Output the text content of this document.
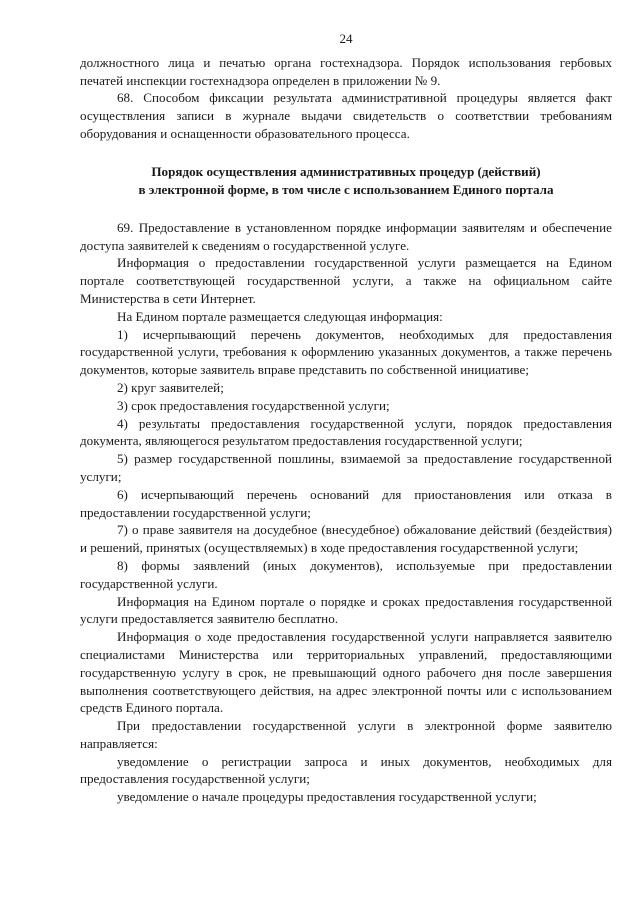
24

должностного лица и печатью органа гостехнадзора. Порядок использования гербовых печатей инспекции гостехнадзора определен в приложении № 9.

68. Способом фиксации результата административной процедуры является факт осуществления записи в журнале выдачи свидетельств о соответствии требованиям оборудования и оснащенности образовательного процесса.

Порядок осуществления административных процедур (действий)
в электронной форме, в том числе с использованием Единого портала

69. Предоставление в установленном порядке информации заявителям и обеспечение доступа заявителей к сведениям о государственной услуге.

Информация о предоставлении государственной услуги размещается на Едином портале соответствующей государственной услуги, а также на официальном сайте Министерства в сети Интернет.

На Едином портале размещается следующая информация:

1) исчерпывающий перечень документов, необходимых для предоставления государственной услуги, требования к оформлению указанных документов, а также перечень документов, которые заявитель вправе представить по собственной инициативе;

2) круг заявителей;

3) срок предоставления государственной услуги;

4) результаты предоставления государственной услуги, порядок предоставления документа, являющегося результатом предоставления государственной услуги;

5) размер государственной пошлины, взимаемой за предоставление государственной услуги;

6) исчерпывающий перечень оснований для приостановления или отказа в предоставлении государственной услуги;

7) о праве заявителя на досудебное (внесудебное) обжалование действий (бездействия) и решений, принятых (осуществляемых) в ходе предоставления государственной услуги;

8) формы заявлений (иных документов), используемые при предоставлении государственной услуги.

Информация на Едином портале о порядке и сроках предоставления государственной услуги предоставляется заявителю бесплатно.

Информация о ходе предоставления государственной услуги направляется заявителю специалистами Министерства или территориальных управлений, предоставляющими государственную услугу в срок, не превышающий одного рабочего дня после завершения выполнения соответствующего действия, на адрес электронной почты или с использованием средств Единого портала.

При предоставлении государственной услуги в электронной форме заявителю направляется:

уведомление о регистрации запроса и иных документов, необходимых для предоставления государственной услуги;

уведомление о начале процедуры предоставления государственной услуги;
